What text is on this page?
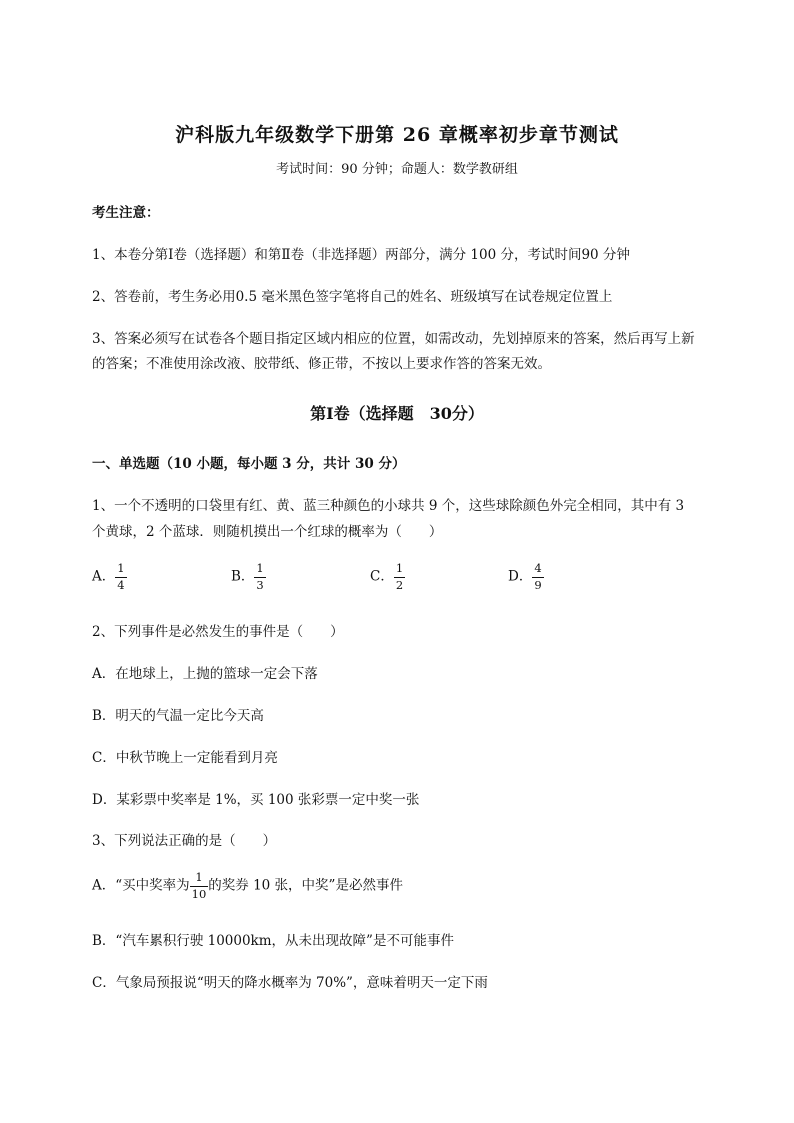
沪科版九年级数学下册第 26 章概率初步章节测试
考试时间：90 分钟；命题人：数学教研组
考生注意：
1、本卷分第Ⅰ卷（选择题）和第Ⅱ卷（非选择题）两部分，满分 100 分，考试时间90 分钟
2、答卷前，考生务必用0.5 毫米黑色签字笔将自己的姓名、班级填写在试卷规定位置上
3、答案必须写在试卷各个题目指定区域内相应的位置，如需改动，先划掉原来的答案，然后再写上新
的答案；不准使用涂改液、胶带纸、修正带，不按以上要求作答的答案无效。
第Ⅰ卷（选择题　30分）
一、单选题（10 小题，每小题 3 分，共计 30 分）
1、一个不透明的口袋里有红、黄、蓝三种颜色的小球共 9 个，这些球除颜色外完全相同，其中有 3
个黄球，2 个蓝球．则随机摸出一个红球的概率为（　　）
A． $\frac{1}{4}$	B． $\frac{1}{3}$	C． $\frac{1}{2}$	D． $\frac{4}{9}$
2、下列事件是必然发生的事件是（　　）
A．在地球上，上抛的篮球一定会下落
B．明天的气温一定比今天高
C．中秋节晚上一定能看到月亮
D．某彩票中奖率是 1%，买 100 张彩票一定中奖一张
3、下列说法正确的是（　　）
A．“买中奖率为 $\frac{1}{10}$ 的奖券 10 张，中奖”是必然事件
B．“汽车累积行驶 10000km，从未出现故障”是不可能事件
C．气象局预报说“明天的降水概率为 70%”，意味着明天一定下雨
